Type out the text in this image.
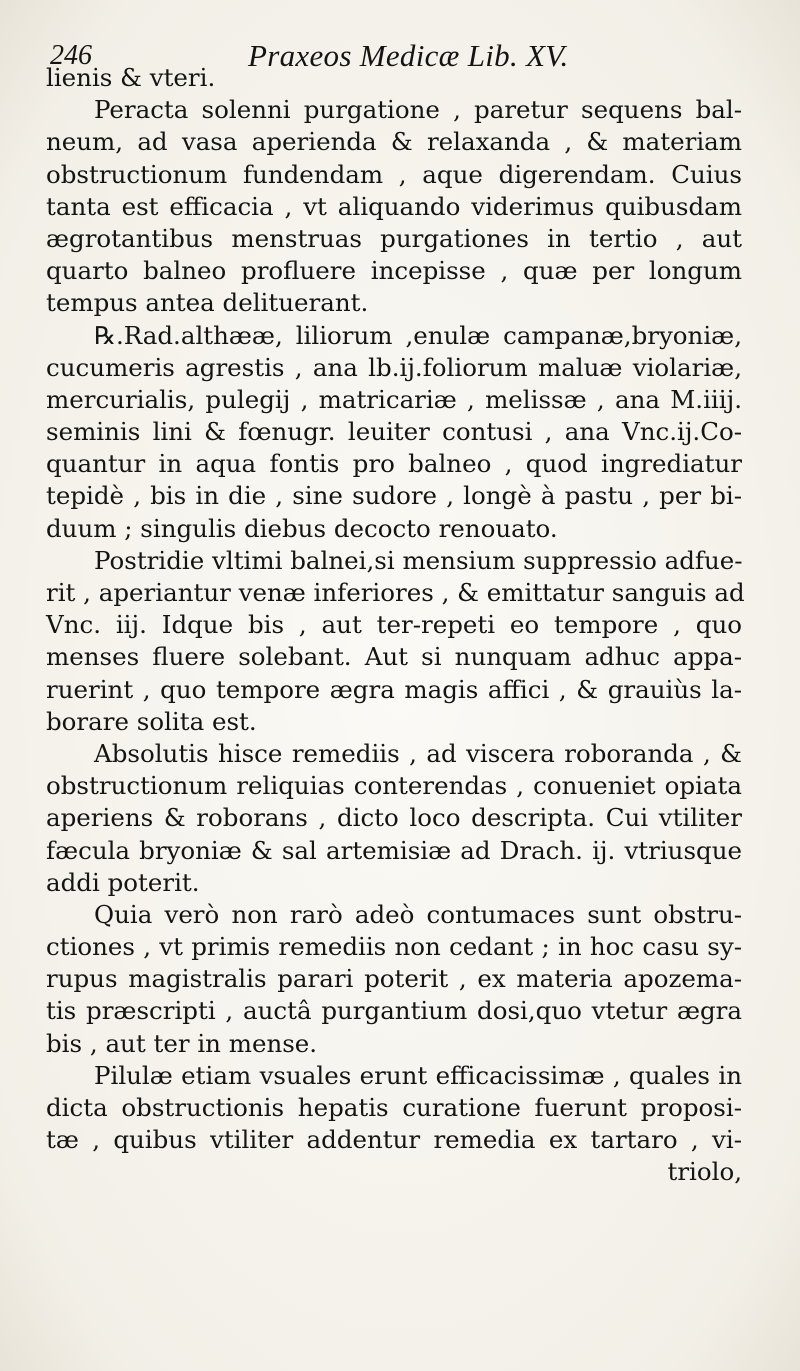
246	Praxeos Medicæ Lib. XV.
lienis & vteri.
Peracta solenni purgatione , paretur sequens bal-
neum, ad vasa aperienda & relaxanda , & materiam
obstructionum fundendam , aque digerendam. Cuius
tanta est efficacia , vt aliquando viderimus quibusdam
ægrotantibus menstruas purgationes in tertio , aut
quarto balneo profluere incepisse , quæ per longum
tempus antea delituerant.
℞.Rad.althææ, liliorum ,enulæ campanæ,bryoniæ,
cucumeris agrestis , ana lb.ij.foliorum maluæ violariæ,
mercurialis, pulegij , matricariæ , melissæ , ana M.iiij.
seminis lini & fœnugr. leuiter contusi , ana Vnc.ij.Co-
quantur in aqua fontis pro balneo , quod ingrediatur
tepidè , bis in die , sine sudore , longè à pastu , per bi-
duum ; singulis diebus decocto renouato.
Postridie vltimi balnei,si mensium suppressio adfue-
rit , aperiantur venæ inferiores , & emittatur sanguis ad
Vnc. iij. Idque bis , aut ter-repeti eo tempore , quo
menses fluere solebant. Aut si nunquam adhuc appa-
ruerint , quo tempore ægra magis affici , & grauiùs la-
borare solita est.
Absolutis hisce remediis , ad viscera roboranda , &
obstructionum reliquias conterendas , conueniet opiata
aperiens & roborans , dicto loco descripta. Cui vtiliter
fæcula bryoniæ & sal artemisiæ ad Drach. ij. vtriusque
addi poterit.
Quia verò non rarò adeò contumaces sunt obstru-
ctiones , vt primis remediis non cedant ; in hoc casu sy-
rupus magistralis parari poterit , ex materia apozema-
tis præscripti , auctâ purgantium dosi,quo vtetur ægra
bis , aut ter in mense.
Pilulæ etiam vsuales erunt efficacissimæ , quales in
dicta obstructionis hepatis curatione fuerunt proposi-
tæ , quibus vtiliter addentur remedia ex tartaro , vi-
triolo,
